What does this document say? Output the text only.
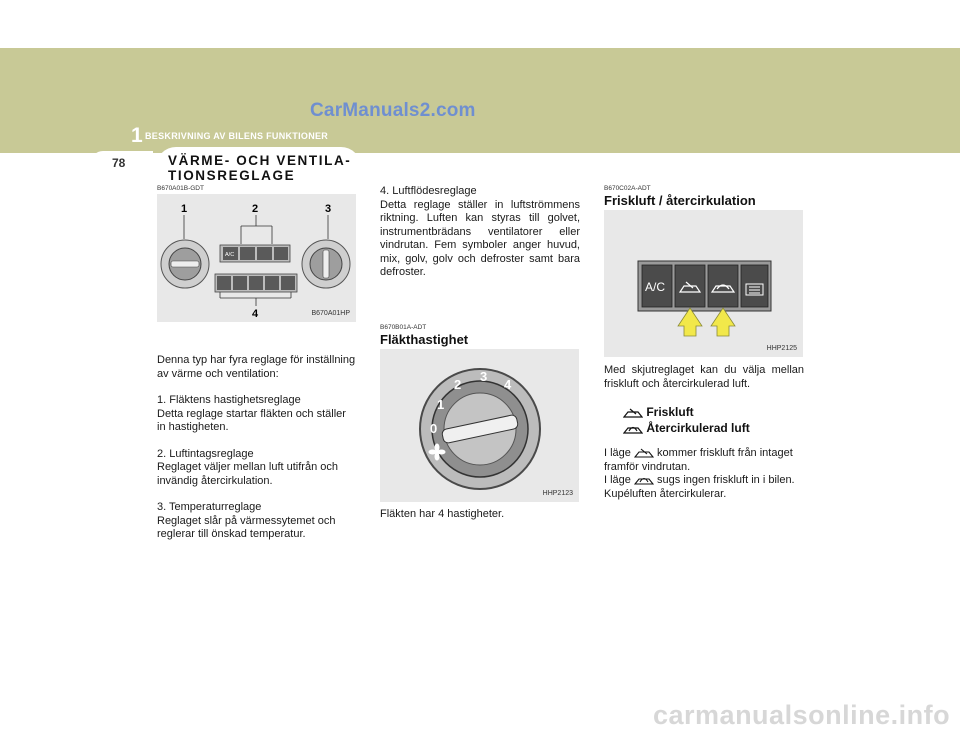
CarManuals2.com
1 BESKRIVNING AV BILENS FUNKTIONER
78	VÄRME- OCH VENTILA-TIONSREGLAGE
B670A01B-GDT
1	2	3
4
A/C
B670A01HP

Denna typ har fyra reglage för inställning av värme och ventilation:

1. Fläktens hastighetsreglage

Detta reglage startar fläkten och ställer in hastigheten.

2. Luftintagsreglage

Reglaget väljer mellan luft utifrån och invändig återcirkulation.

3. Temperaturreglage

Reglaget slår på värmessytemet och reglerar till önskad temperatur.

4. Luftflödesreglage
Detta reglage ställer in luftströmmens riktning. Luften kan styras till golvet, instrumentbrädans ventilatorer eller vindrutan. Fem symboler anger huvud, mix, golv, golv och defroster samt bara defroster.
B670B01A-ADT
Fläkthastighet
0
1
2
3
4
HHP2123
Fläkten har 4 hastigheter.
B670C02A-ADT
Friskluft / återcirkulation
A/C
HHP2125
Med skjutreglaget kan du välja mellan friskluft och återcirkulerad luft.
Friskluft
Återcirkulerad luft
I läge kommer friskluft från intaget framför vindrutan.
I läge sugs ingen friskluft in i bilen. Kupéluften återcirkulerar.
carmanualsonline.info
